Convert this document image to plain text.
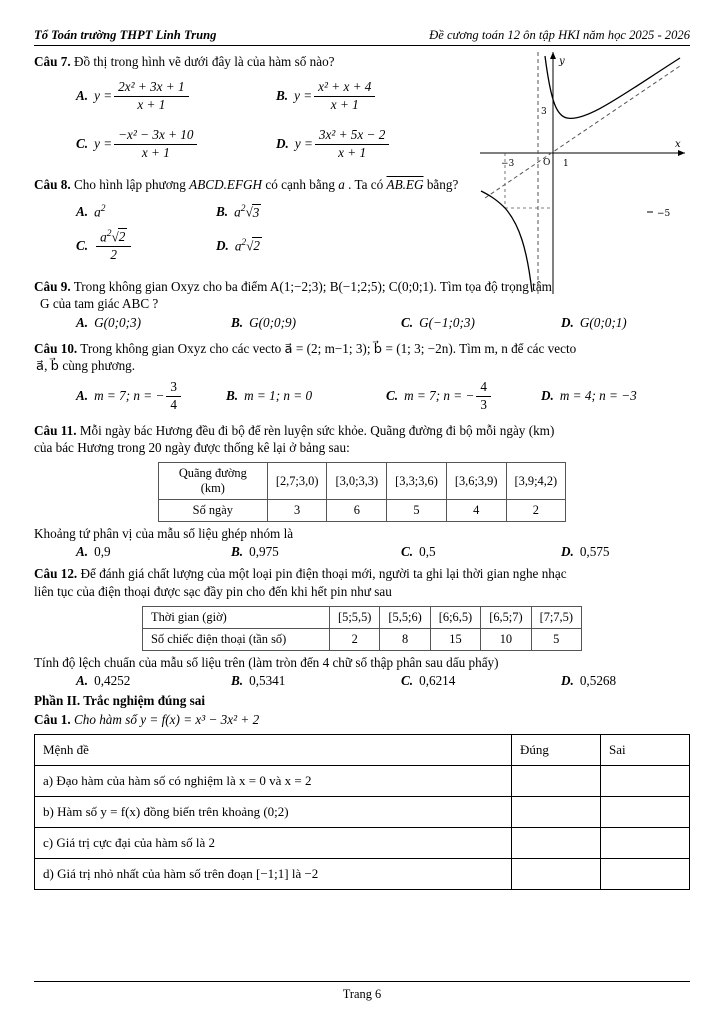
Tổ Toán trường THPT Linh Trung	Đề cương toán 12 ôn tập HKI năm học 2025 - 2026
−3	O 1
3
−5
x
y
Câu 7. Đồ thị trong hình vẽ dưới đây là của hàm số nào?
A. $y = \frac{\text{2x² + 3x + 1}}{x + 1}$	B. $y = \frac{\text{x² + x + 4}}{x + 1}$
C. $y = \frac{\text{−x² − 3x + 10}}{x + 1}$	D. $y = \frac{\text{3x² + 5x − 2}}{x + 1}$
Câu 8. Cho hình lập phương ABCD.EFGH có cạnh bằng a . Ta có AB.EG bằng?
A. $a^2$	B. $a^2√3$
C. $\frac{a^2√2}{2}$	D. $a^2√2$
Câu 9. Trong không gian Oxyz cho ba điểm A(1;−2;3); B(−1;2;5); C(0;0;1). Tìm tọa độ trọng tâm
G của tam giác ABC ?
A. G(0;0;3)	B. G(0;0;9)	C. G(−1;0;3)	D. G(0;0;1)
Câu 10. Trong không gian Oxyz cho các vecto a⃗ = (2; m−1; 3); b⃗ = (1; 3; −2n). Tìm m, n để các vecto
a⃗, b⃗ cùng phương.
A. m = 7; n = − $\frac{3}{4}$	B. m = 1; n = 0	C. m = 7; n = − $\frac{4}{3}$	D. m = 4; n = −3
Câu 11. Mỗi ngày bác Hương đều đi bộ để rèn luyện sức khỏe. Quãng đường đi bộ mỗi ngày (km)
của bác Hương trong 20 ngày được thống kê lại ở bảng sau:
Quãng đường (km)	[2,7;3,0)	[3,0;3,3)	[3,3;3,6)	[3,6;3,9)	[3,9;4,2)
Số ngày	3	6	5	4	2
Khoảng tứ phân vị của mẫu số liệu ghép nhóm là
A. 0,9	B. 0,975	C. 0,5	D. 0,575
Câu 12. Để đánh giá chất lượng của một loại pin điện thoại mới, người ta ghi lại thời gian nghe nhạc
liên tục của điện thoại được sạc đầy pin cho đến khi hết pin như sau
Thời gian (giờ)	[5;5,5)	[5,5;6)	[6;6,5)	[6,5;7)	[7;7,5)
Số chiếc điện thoại (tần số)	2	8	15	10	5
Tính độ lệch chuẩn của mẫu số liệu trên (làm tròn đến 4 chữ số thập phân sau dấu phẩy)
A. 0,4252	B. 0,5341	C. 0,6214	D. 0,5268
Phần II. Trắc nghiệm đúng sai
Câu 1. Cho hàm số y = f(x) = x³ − 3x² + 2
Mệnh đề	Đúng	Sai
a) Đạo hàm của hàm số có nghiệm là x = 0 và x = 2		
b) Hàm số y = f(x) đồng biến trên khoảng (0;2)		
c) Giá trị cực đại của hàm số là 2		
d) Giá trị nhỏ nhất của hàm số trên đoạn [−1;1] là −2		
Trang 6
